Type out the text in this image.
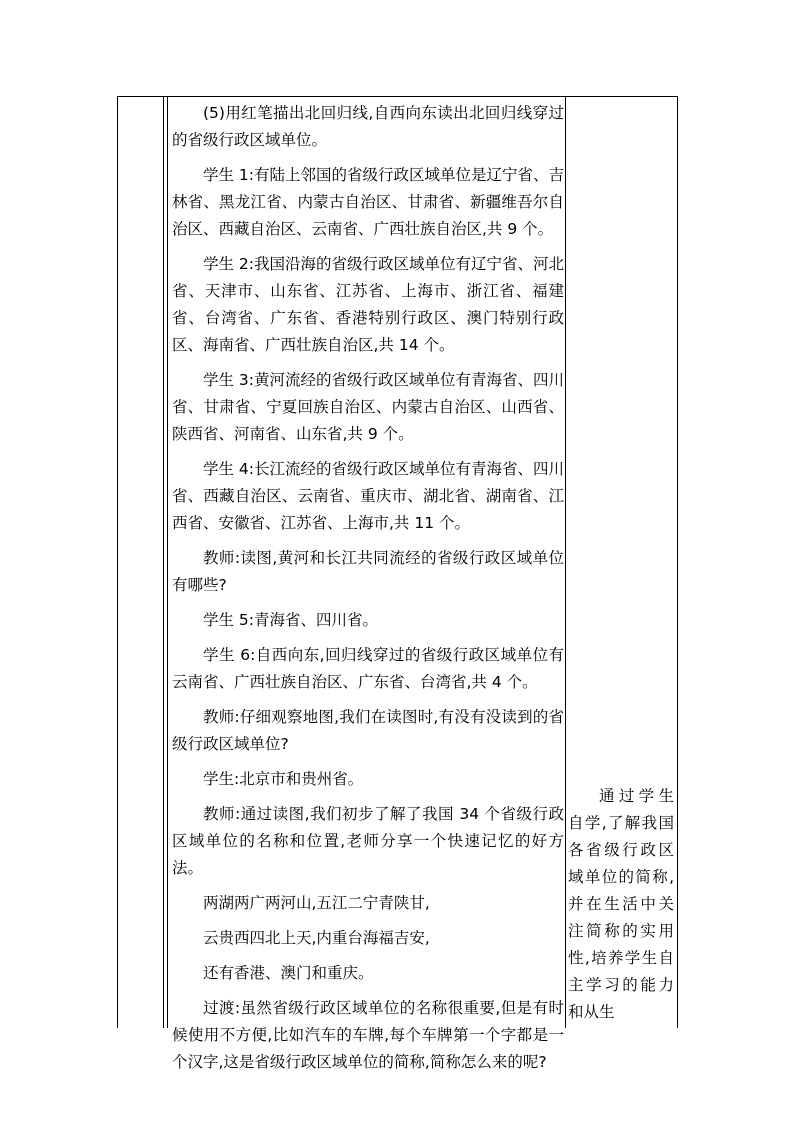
(5)用红笔描出北回归线,自西向东读出北回归线穿过的省级行政区域单位。

学生 1:有陆上邻国的省级行政区域单位是辽宁省、吉林省、黑龙江省、内蒙古自治区、甘肃省、新疆维吾尔自治区、西藏自治区、云南省、广西壮族自治区,共 9 个。

学生 2:我国沿海的省级行政区域单位有辽宁省、河北省、天津市、山东省、江苏省、上海市、浙江省、福建省、台湾省、广东省、香港特别行政区、澳门特别行政区、海南省、广西壮族自治区,共 14 个。

学生 3:黄河流经的省级行政区域单位有青海省、四川省、甘肃省、宁夏回族自治区、内蒙古自治区、山西省、陕西省、河南省、山东省,共 9 个。

学生 4:长江流经的省级行政区域单位有青海省、四川省、西藏自治区、云南省、重庆市、湖北省、湖南省、江西省、安徽省、江苏省、上海市,共 11 个。

教师:读图,黄河和长江共同流经的省级行政区域单位有哪些?

学生 5:青海省、四川省。

学生 6:自西向东,回归线穿过的省级行政区域单位有云南省、广西壮族自治区、广东省、台湾省,共 4 个。

教师:仔细观察地图,我们在读图时,有没有没读到的省级行政区域单位?

学生:北京市和贵州省。

教师:通过读图,我们初步了解了我国 34 个省级行政区域单位的名称和位置,老师分享一个快速记忆的好方法。

两湖两广两河山,五江二宁青陕甘,

云贵西四北上天,内重台海福吉安,

还有香港、澳门和重庆。

过渡:虽然省级行政区域单位的名称很重要,但是有时候使用不方便,比如汽车的车牌,每个车牌第一个字都是一个汉字,这是省级行政区域单位的简称,简称怎么来的呢?

通过学生自学,了解我国各省级行政区域单位的简称,并在生活中关注简称的实用性,培养学生自主学习的能力和从生
